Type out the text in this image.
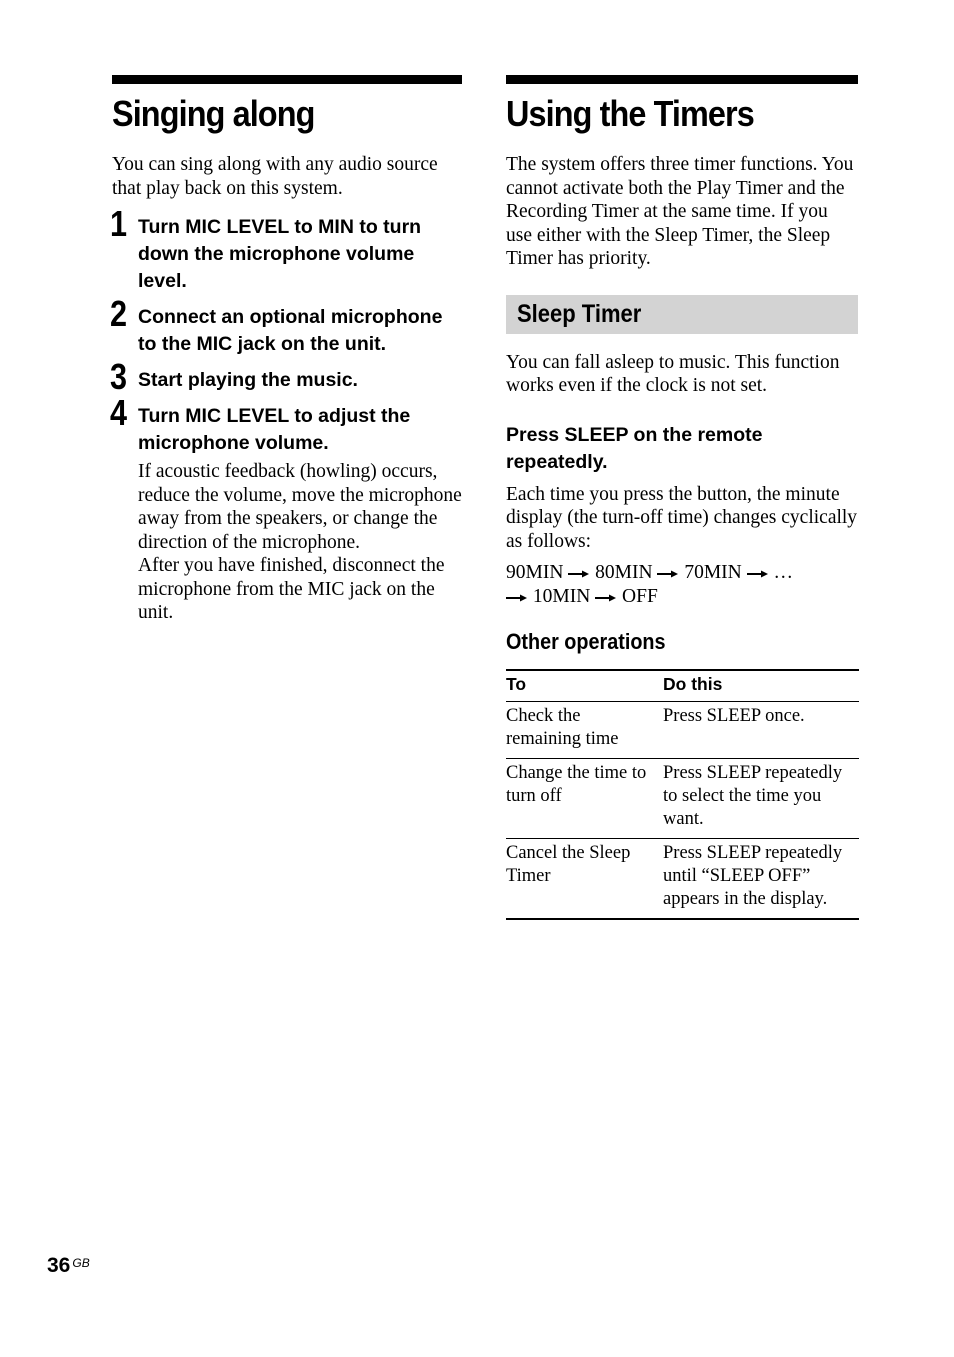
Singing along

You can sing along with any audio source that play back on this system.

1 Turn MIC LEVEL to MIN to turn down the microphone volume level.
2 Connect an optional microphone to the MIC jack on the unit.
3 Start playing the music.
4 Turn MIC LEVEL to adjust the microphone volume.

If acoustic feedback (howling) occurs, reduce the volume, move the microphone away from the speakers, or change the direction of the microphone.

After you have finished, disconnect the microphone from the MIC jack on the unit.

Using the Timers

The system offers three timer functions. You cannot activate both the Play Timer and the Recording Timer at the same time. If you use either with the Sleep Timer, the Sleep Timer has priority.

Sleep Timer

You can fall asleep to music. This function works even if the clock is not set.

Press SLEEP on the remote repeatedly.

Each time you press the button, the minute display (the turn-off time) changes cyclically as follows:

90MIN 80MIN 70MIN …
10MIN OFF

Other operations

To	Do this
Check the remaining time	Press SLEEP once.
Change the time to turn off	Press SLEEP repeatedly to select the time you want.
Cancel the Sleep Timer	Press SLEEP repeatedly until “SLEEP OFF” appears in the display.
36 $^{GB}$
